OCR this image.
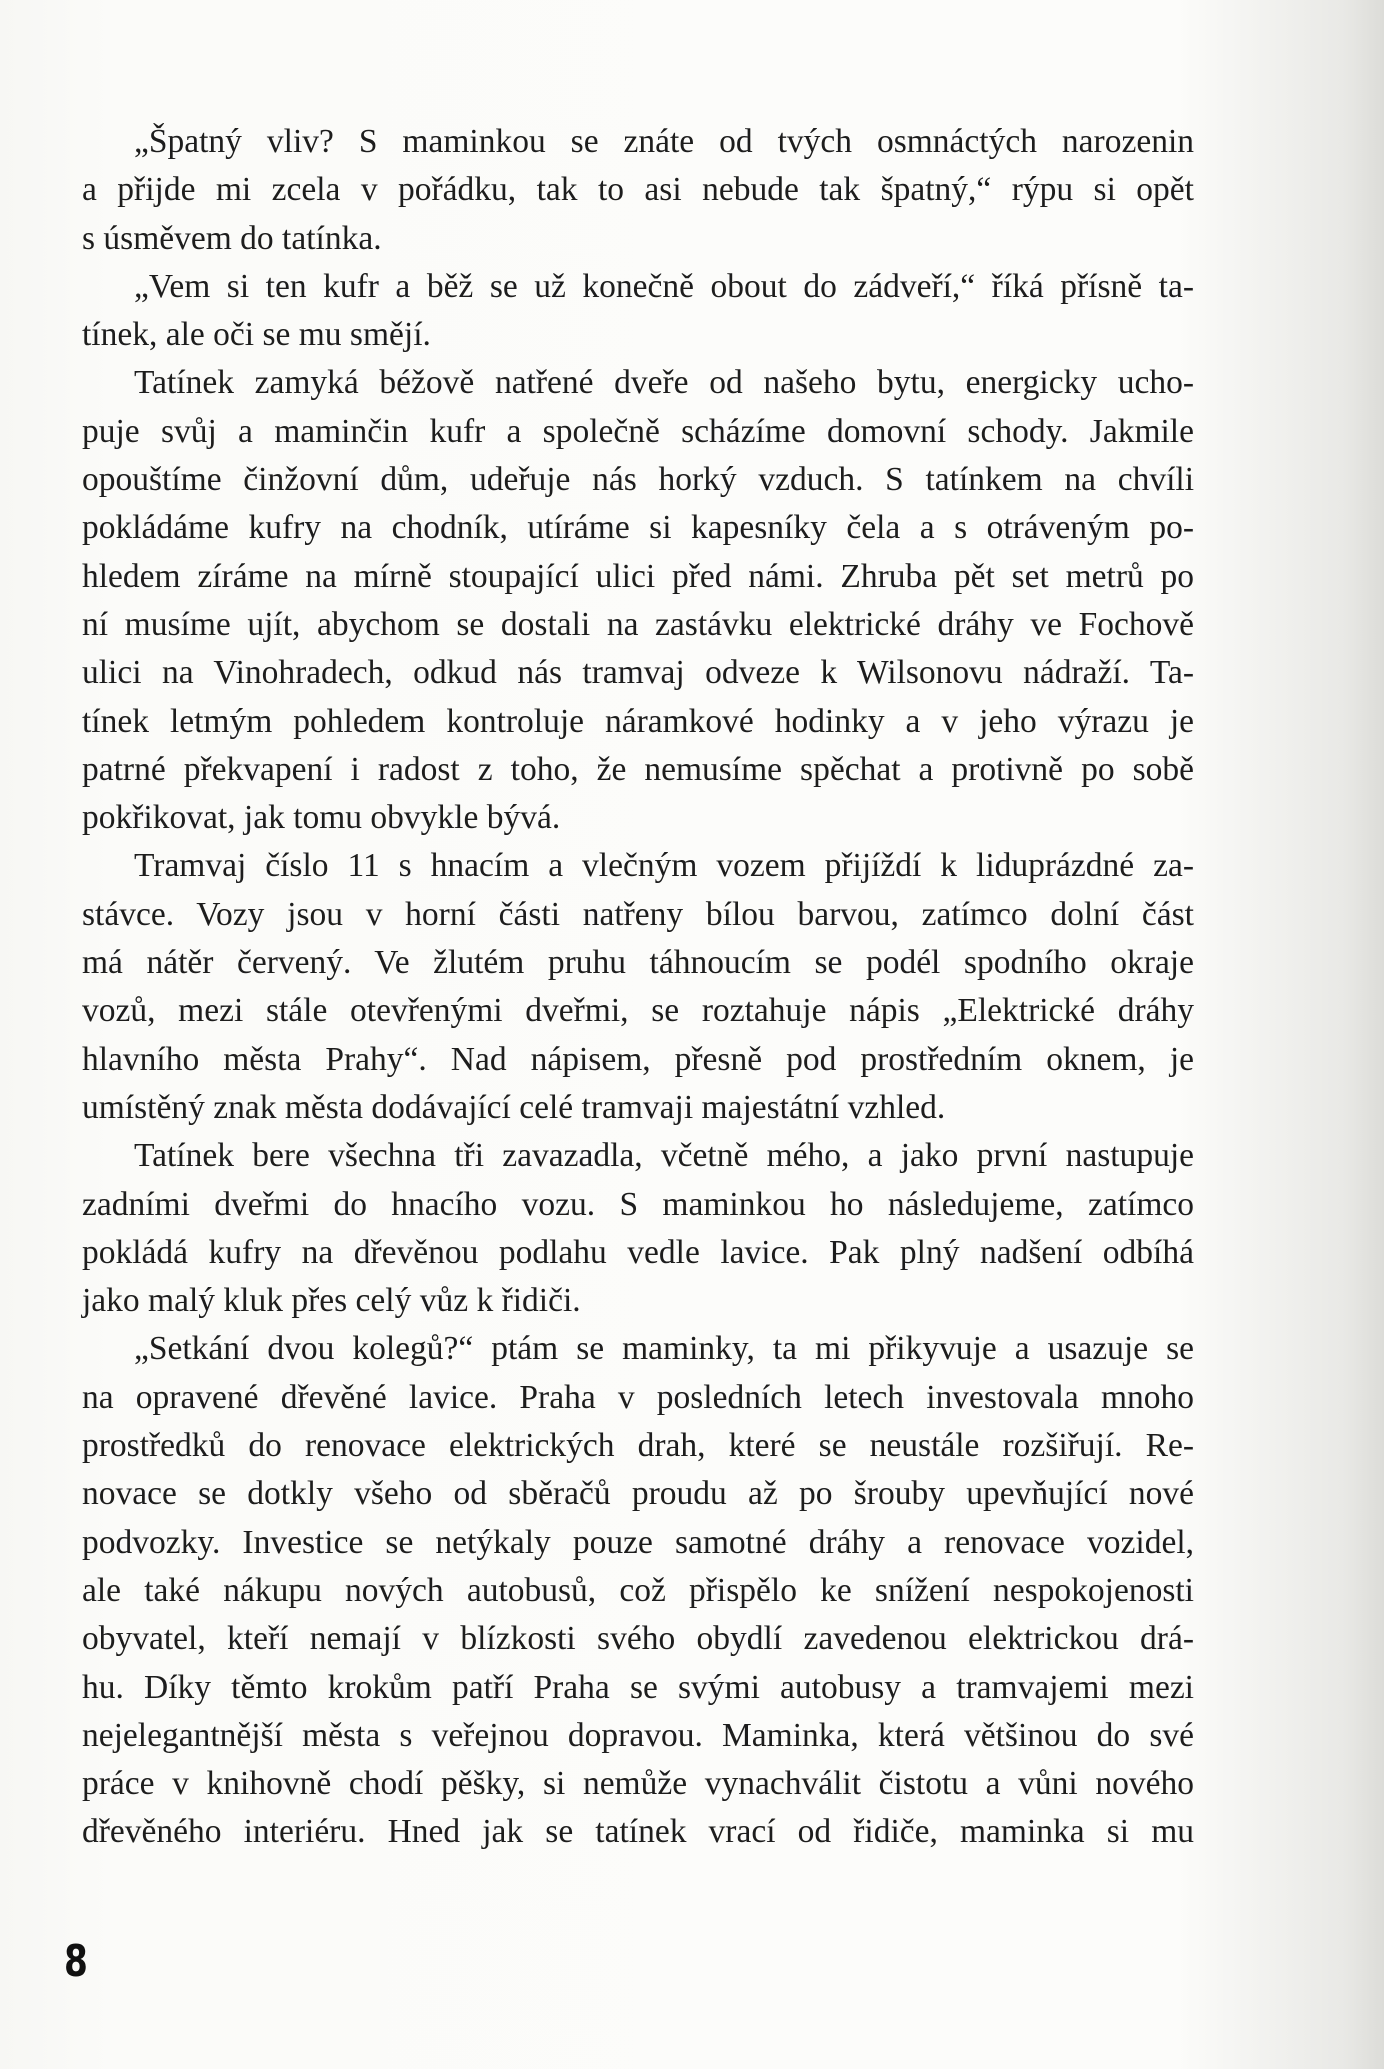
„Špatný vliv? S maminkou se znáte od tvých osmnáctých narozenin
a přijde mi zcela v pořádku, tak to asi nebude tak špatný,“ rýpu si opět
s úsměvem do tatínka.
„Vem si ten kufr a běž se už konečně obout do zádveří,“ říká přísně ta-
tínek, ale oči se mu smějí.
Tatínek zamyká béžově natřené dveře od našeho bytu, energicky ucho-
puje svůj a maminčin kufr a společně scházíme domovní schody. Jakmile
opouštíme činžovní dům, udeřuje nás horký vzduch. S tatínkem na chvíli
pokládáme kufry na chodník, utíráme si kapesníky čela a s otráveným po-
hledem zíráme na mírně stoupající ulici před námi. Zhruba pět set metrů po
ní musíme ujít, abychom se dostali na zastávku elektrické dráhy ve Fochově
ulici na Vinohradech, odkud nás tramvaj odveze k Wilsonovu nádraží. Ta-
tínek letmým pohledem kontroluje náramkové hodinky a v jeho výrazu je
patrné překvapení i radost z toho, že nemusíme spěchat a protivně po sobě
pokřikovat, jak tomu obvykle bývá.
Tramvaj číslo 11 s hnacím a vlečným vozem přijíždí k liduprázdné za-
stávce. Vozy jsou v horní části natřeny bílou barvou, zatímco dolní část
má nátěr červený. Ve žlutém pruhu táhnoucím se podél spodního okraje
vozů, mezi stále otevřenými dveřmi, se roztahuje nápis „Elektrické dráhy
hlavního města Prahy“. Nad nápisem, přesně pod prostředním oknem, je
umístěný znak města dodávající celé tramvaji majestátní vzhled.
Tatínek bere všechna tři zavazadla, včetně mého, a jako první nastupuje
zadními dveřmi do hnacího vozu. S maminkou ho následujeme, zatímco
pokládá kufry na dřevěnou podlahu vedle lavice. Pak plný nadšení odbíhá
jako malý kluk přes celý vůz k řidiči.
„Setkání dvou kolegů?“ ptám se maminky, ta mi přikyvuje a usazuje se
na opravené dřevěné lavice. Praha v posledních letech investovala mnoho
prostředků do renovace elektrických drah, které se neustále rozšiřují. Re-
novace se dotkly všeho od sběračů proudu až po šrouby upevňující nové
podvozky. Investice se netýkaly pouze samotné dráhy a renovace vozidel,
ale také nákupu nových autobusů, což přispělo ke snížení nespokojenosti
obyvatel, kteří nemají v blízkosti svého obydlí zavedenou elektrickou drá-
hu. Díky těmto krokům patří Praha se svými autobusy a tramvajemi mezi
nejelegantnější města s veřejnou dopravou. Maminka, která většinou do své
práce v knihovně chodí pěšky, si nemůže vynachválit čistotu a vůni nového
dřevěného interiéru. Hned jak se tatínek vrací od řidiče, maminka si mu
8
